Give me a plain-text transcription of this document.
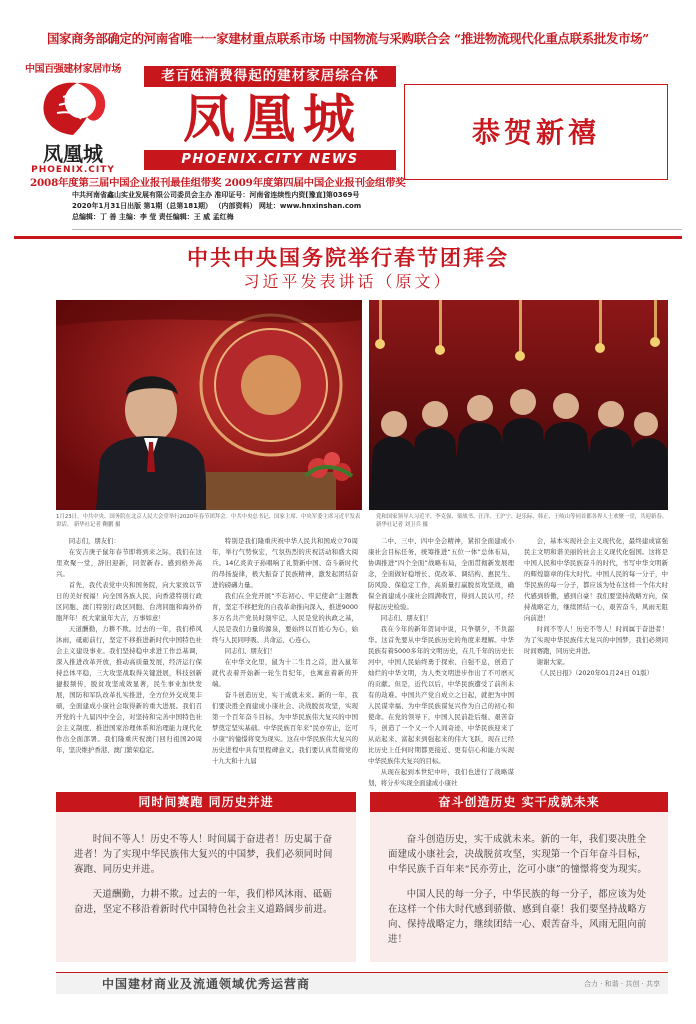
国家商务部确定的河南省唯一一家建材重点联系市场 中国物流与采购联合会 “推进物流现代化重点联系批发市场”
中国百强建材家居市场
凤凰城
PHOENIX.CITY
老百姓消费得起的建材家居综合体
凤凰城
PHOENIX.CITY NEWS
恭贺新禧
2008年度第三届中国企业报刊最佳组带奖 2009年度第四届中国企业报刊金组带奖
中共河南省鑫山实业发展有限公司委员会主办 准印证号：河南省连续性内资[豫直]第0369号
2020年1月31日出版 第1期（总第181期） （内部资料） 网址：www.hnxinshan.com
总编辑：丁 善 主编：李 莹 责任编辑：王 威 孟红梅
中共中央国务院举行春节团拜会
习近平发表讲话（原文）
1月23日，中共中央、国务院在北京人民大会堂举行2020年春节团拜会。中共中央总书记、国家主席、中央军委主席习近平发表讲话。 新华社记者 鞠鹏 摄
党和国家领导人习近平、李克强、栗战书、汪洋、王沪宁、赵乐际、韩正、王岐山等同首都各界人士欢聚一堂，共迎新春。 新华社记者 刘卫兵 摄

同志们，朋友们：

在安吉庚子鼠年春节即将到来之际，我们在这里欢聚一堂，辞旧迎新，同贺新春。感到格外高兴。

首先，我代表党中央和国务院，向大家致以节日的美好祝福！向全国各族人民，向香港特别行政区同胞、澳门特别行政区同胞、台湾同胞和海外侨胞拜年！祝大家鼠年大吉，万事如意！

天道酬勤，力耕不欺。过去的一年，我们栉风沐雨，砥砺前行，坚定不移推进新时代中国特色社会主义建设事业。我们坚持稳中求进工作总基调，深入推进改革开放，推动高质量发展，经济运行保持总体平稳，三大攻坚战取得关键进展，科技创新捷报频传，脱贫攻坚成效显著，民生事业加快发展，国防和军队改革扎实推进，全方位外交成果丰硕，全面建成小康社会取得新的重大进展。我们召开党的十九届四中全会，对坚持和完善中国特色社会主义制度、推进国家治理体系和治理能力现代化作出全面部署。我们隆重庆祝澳门回归祖国20周年，坚决维护香港、澳门繁荣稳定。

特别是我们隆重庆祝中华人民共和国成立70周年，举行气势恢宏，气氛热烈的庆祝活动和盛大阅兵。14亿炎黄子孙唱响了礼赞新中国、奋斗新时代的昂扬旋律，极大振奋了民族精神，激发起团结奋进的磅礴力量。

我们在全党开展“不忘初心、牢记使命”主题教育，坚定不移把党的自我革命推向深入，推进9000多万名共产党员时刻牢记，人民是党的执政之基，人民是我们力量的源泉，要始终以百姓心为心，始终与人民同呼吸、共命运、心连心。

同志们、朋友们！

在中华文化里，鼠为十二生肖之首，进入鼠年就代表着开始新一轮生肖纪年，也寓意着新的开端。

奋斗创造历史，实干成就未来。新的一年，我们要决胜全面建成小康社会、决战脱贫攻坚，实现第一个百年奋斗目标，为中华民族伟大复兴的中国梦奠定坚实基础。中华民族百年来“民亦劳止，汔可小康”的憧憬将变为现实。这在中华民族伟大复兴的历史进程中具有里程碑意义。我们要认真贯彻党的十九大和十九届

二中、三中、四中全会精神，紧扣全面建成小康社会目标任务，统筹推进“五位一体”总体布局，协调推进“四个全面”战略布局，全面贯彻新发展理念，全面做好稳增长、促改革、调结构、惠民生、防风险、保稳定工作，高质量打赢脱贫攻坚战，确保全面建成小康社会圆满收官，得到人民认可，经得起历史检验。

同志们、朋友们！

我在今年的新年贺词中说，只争朝夕，不负韶华。这首先要从中华民族历史的角度来理解。中华民族有着5000多年的文明历史，在几千年的历史长河中，中国人民始终勇于探索、自强不息，创造了灿烂的中华文明，为人类文明进步作出了不可磨灭的贡献。但是，近代以后，中华民族遭受了前所未有的劫难。中国共产党自成立之日起，就把为中国人民谋幸福、为中华民族谋复兴作为自己的初心和使命。在党的领导下，中国人民前赴后继、艰苦奋斗，创造了一个又一个人间奇迹，中华民族迎来了从站起来、富起来到强起来的伟大飞跃，现在已经比历史上任何时期都更接近、更有信心和能力实现中华民族伟大复兴的目标。

从现在起到本世纪中叶，我们也进行了战略谋划，将分步实现全面建成小康社

会，基本实现社会主义现代化，最终建成富强民主文明和谐美丽的社会主义现代化强国。这将是中国人民和中华民族奋斗的时代，书写中华文明新的辉煌篇章的伟大时代。中国人民的每一分子，中华民族的每一分子，都应该为处在这样一个伟大时代感到骄傲，感到自豪！我们要坚持战略方向，保持战略定力，继续团结一心，艰苦奋斗，风雨无阻向前进！

时间不等人！历史不等人！时间属于奋进者！为了实现中华民族伟大复兴的中国梦，我们必须同时间赛跑，同历史并进。

谢谢大家。

《人民日报》（2020年01月24日 01版）

同时间赛跑 同历史并进

时间不等人！历史不等人！时间属于奋进者！历史属于奋进者！为了实现中华民族伟大复兴的中国梦，我们必须同时间赛跑、同历史并进。

天道酬勤，力耕不欺。过去的一年，我们栉风沐雨、砥砺奋进，坚定不移沿着新时代中国特色社会主义道路阔步前进。

奋斗创造历史 实干成就未来

奋斗创造历史，实干成就未来。新的一年，我们要决胜全面建成小康社会，决战脱贫攻坚，实现第一个百年奋斗目标，中华民族千百年来“民亦劳止，汔可小康”的憧憬将变为现实。

中国人民的每一分子，中华民族的每一分子，都应该为处在这样一个伟大时代感到骄傲、感到自豪！我们要坚持战略方向、保持战略定力，继续团结一心、艰苦奋斗，风雨无阻向前进！

中国建材商业及流通领域优秀运营商	合力 · 和谐 · 共创 · 共享
